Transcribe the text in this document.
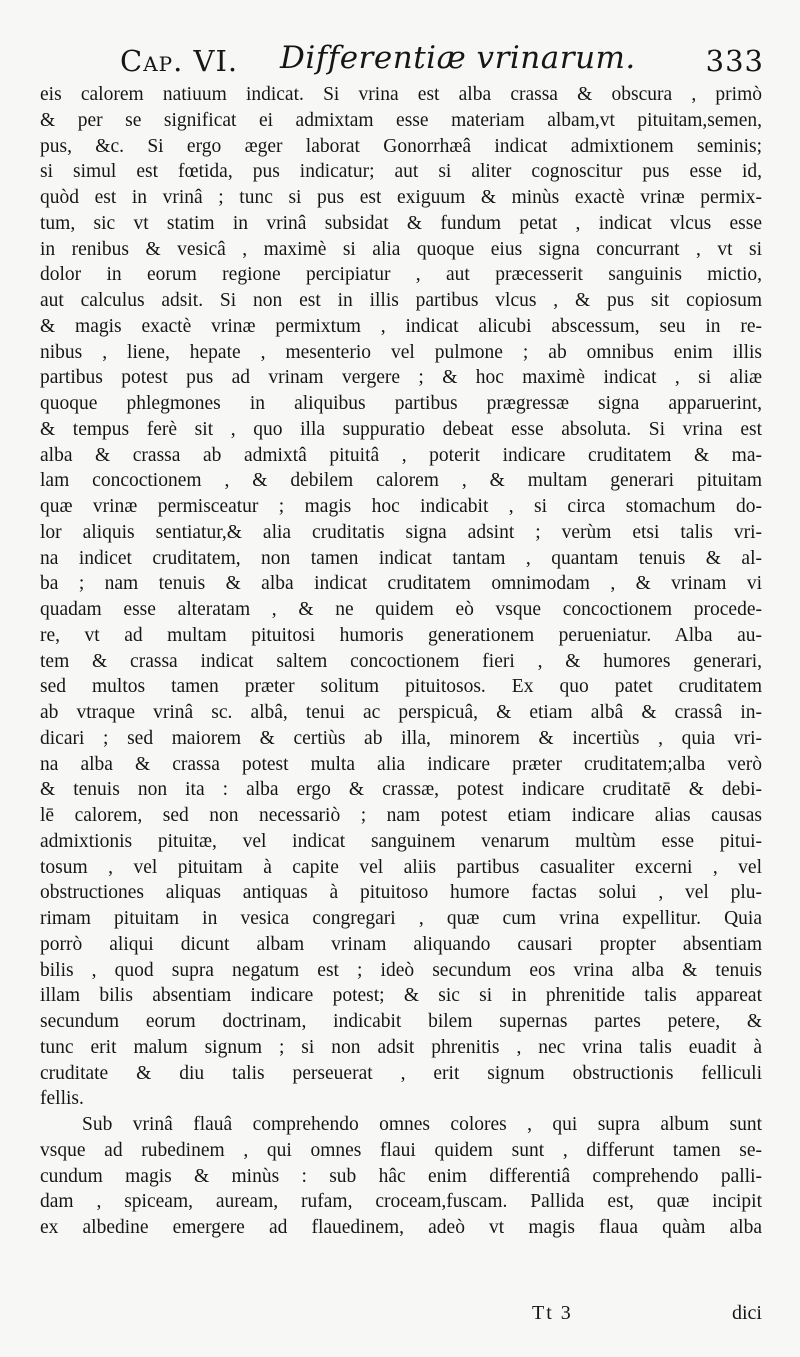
Cap. VI. Differentiæ vrinarum. 333
eis calorem natiuum indicat. Si vrina est alba crassa & obscura , primò
& per se significat ei admixtam esse materiam albam,vt pituitam,semen,
pus, &c. Si ergo æger laborat Gonorrhæâ indicat admixtionem seminis;
si simul est fœtida, pus indicatur; aut si aliter cognoscitur pus esse id,
quòd est in vrinâ ; tunc si pus est exiguum & minùs exactè vrinæ permix-
tum, sic vt statim in vrinâ subsidat & fundum petat , indicat vlcus esse
in renibus & vesicâ , maximè si alia quoque eius signa concurrant , vt si
dolor in eorum regione percipiatur , aut præcesserit sanguinis mictio,
aut calculus adsit. Si non est in illis partibus vlcus , & pus sit copiosum
& magis exactè vrinæ permixtum , indicat alicubi abscessum, seu in re-
nibus , liene, hepate , mesenterio vel pulmone ; ab omnibus enim illis
partibus potest pus ad vrinam vergere ; & hoc maximè indicat , si aliæ
quoque phlegmones in aliquibus partibus prægressæ signa apparuerint,
& tempus ferè sit , quo illa suppuratio debeat esse absoluta. Si vrina est
alba & crassa ab admixtâ pituitâ , poterit indicare cruditatem & ma-
lam concoctionem , & debilem calorem , & multam generari pituitam
quæ vrinæ permisceatur ; magis hoc indicabit , si circa stomachum do-
lor aliquis sentiatur,& alia cruditatis signa adsint ; verùm etsi talis vri-
na indicet cruditatem, non tamen indicat tantam , quantam tenuis & al-
ba ; nam tenuis & alba indicat cruditatem omnimodam , & vrinam vi
quadam esse alteratam , & ne quidem eò vsque concoctionem procede-
re, vt ad multam pituitosi humoris generationem perueniatur. Alba au-
tem & crassa indicat saltem concoctionem fieri , & humores generari,
sed multos tamen præter solitum pituitosos. Ex quo patet cruditatem
ab vtraque vrinâ sc. albâ, tenui ac perspicuâ, & etiam albâ & crassâ in-
dicari ; sed maiorem & certiùs ab illa, minorem & incertiùs , quia vri-
na alba & crassa potest multa alia indicare præter cruditatem;alba verò
& tenuis non ita : alba ergo & crassæ, potest indicare cruditatē & debi-
lē calorem, sed non necessariò ; nam potest etiam indicare alias causas
admixtionis pituitæ, vel indicat sanguinem venarum multùm esse pitui-
tosum , vel pituitam à capite vel aliis partibus casualiter excerni , vel
obstructiones aliquas antiquas à pituitoso humore factas solui , vel plu-
rimam pituitam in vesica congregari , quæ cum vrina expellitur. Quia
porrò aliqui dicunt albam vrinam aliquando causari propter absentiam
bilis , quod supra negatum est ; ideò secundum eos vrina alba & tenuis
illam bilis absentiam indicare potest; & sic si in phrenitide talis appareat
secundum eorum doctrinam, indicabit bilem supernas partes petere, &
tunc erit malum signum ; si non adsit phrenitis , nec vrina talis euadit à
cruditate & diu talis perseuerat , erit signum obstructionis felliculi
fellis.
Sub vrinâ flauâ comprehendo omnes colores , qui supra album sunt
vsque ad rubedinem , qui omnes flaui quidem sunt , differunt tamen se-
cundum magis & minùs : sub hâc enim differentiâ comprehendo palli-
dam , spiceam, auream, rufam, croceam,fuscam. Pallida est, quæ incipit
ex albedine emergere ad flauedinem, adeò vt magis flaua quàm alba
Tt 3	dici
